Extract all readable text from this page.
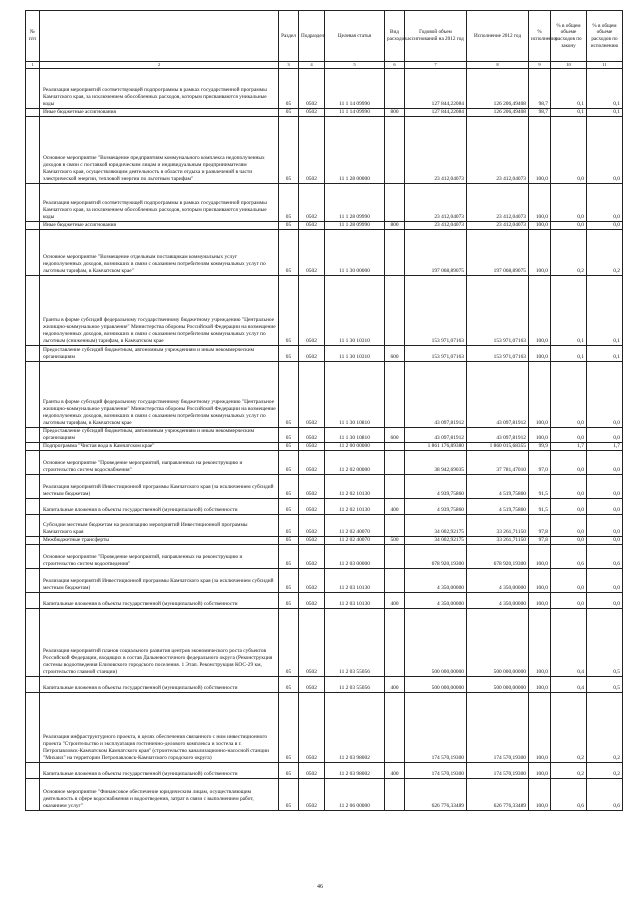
№ п/п		Раздел	Подраздел	Целевая статья	Вид расходов	Годовой объем ассигнований на 2012 год	Исполнение 2012 год	% исполнения	% в общем объеме расходов по закону	% в общем объеме расходов по исполнению
1	2	3	4	5	6	7	8	9	10	11
	Реализация мероприятий соответствующей подпрограммы в рамках государственной программы Камчатского края, за исключением обособленных расходов, которым присваиваются уникальные коды	05	0502	11 1 14 09990		127 844,22084	126 206,49408	98,7	0,1	0,1
	Иные бюджетные ассигнования	05	0502	11 1 14 09990	800	127 844,22084	126 206,49408	98,7	0,1	0,1
	Основное мероприятие "Возмещение предприятиям коммунального комплекса недополученных доходов в связи с поставкой юридическим лицам и индивидуальным предпринимателям Камчатского края, осуществляющим деятельность в области отдыха и развлечений в части электрической энергии, тепловой энергии по льготным тарифам"	05	0502	11 1 28 00000		23 412,04073	23 412,04073	100,0	0,0	0,0
	Реализация мероприятий соответствующей подпрограммы в рамках государственной программы Камчатского края, за исключением обособленных расходов, которым присваиваются уникальные коды	05	0502	11 1 28 09990		23 412,04073	23 412,04073	100,0	0,0	0,0
	Иные бюджетные ассигнования	05	0502	11 1 28 09990	800	23 412,04073	23 412,04073	100,0	0,0	0,0
	Основное мероприятие "Возмещение отдельным поставщикам коммунальных услуг недополученных доходов, возникших в связи с оказанием потребителям коммунальных услуг по льготным тарифам, в Камчатском крае"	05	0502	11 1 30 00000		197 068,89075	197 068,89075	100,0	0,2	0,2
	Гранты в форме субсидий федеральному государственному бюджетному учреждению "Центральное жилищно-коммунальное управление" Министерства обороны Российской Федерации на возмещение недополученных доходов, возникших в связи с оказанием потребителям коммунальных услуг по льготным (сниженным) тарифам, в Камчатском крае	05	0502	11 1 30 10310		153 971,07163	153 971,07163	100,0	0,1	0,1
	Предоставление субсидий бюджетным, автономным учреждениям и иным некоммерческим организациям	05	0502	11 1 30 10310	600	153 971,07163	153 971,07163	100,0	0,1	0,1
	Гранты в форме субсидий федеральному государственному бюджетному учреждению "Центральное жилищно-коммунальное управление" Министерства обороны Российской Федерации на возмещение недополученных доходов, возникших в связи с оказанием потребителям коммунальных услуг по льготным тарифам, в Камчатском крае	05	0502	11 1 30 10810		43 097,81912	43 097,81912	100,0	0,0	0,0
	Предоставление субсидий бюджетным, автономным учреждениям и иным некоммерческим организациям	05	0502	11 1 30 10810	600	43 097,81912	43 097,81912	100,0	0,0	0,0
	Подпрограмма "Чистая вода в Камчатском крае"	05	0502	11 2 00 00000		1 861 176,89380	1 860 015,68355	99,9	1,7	1,7
	Основное мероприятие "Проведение мероприятий, направленных на реконструкцию и строительство систем водоснабжения"	05	0502	11 2 02 00000		38 942,69035	37 781,47010	97,0	0,0	0,0
	Реализация мероприятий Инвестиционной программы Камчатского края (за исключением субсидий местным бюджетам)	05	0502	11 2 02 10130		4 939,75860	4 519,75860	91,5	0,0	0,0
	Капитальные вложения в объекты государственной (муниципальной) собственности	05	0502	11 2 02 10130	400	4 939,75860	4 519,75860	91,5	0,0	0,0
	Субсидии местным бюджетам на реализацию мероприятий Инвестиционной программы Камчатского края	05	0502	11 2 02 40070		34 002,92175	33 261,71150	97,8	0,0	0,0
	Межбюджетные трансферты	05	0502	11 2 02 40070	500	34 002,92175	33 261,71150	97,8	0,0	0,0
	Основное мероприятие "Проведение мероприятий, направленных на реконструкцию и строительство систем водоотведения"	05	0502	11 2 03 00000		678 920,19300	678 920,19300	100,0	0,6	0,6
	Реализация мероприятий Инвестиционной программы Камчатского края (за исключением субсидий местным бюджетам)	05	0502	11 2 03 10130		4 350,00000	4 350,00000	100,0	0,0	0,0
	Капитальные вложения в объекты государственной (муниципальной) собственности	05	0502	11 2 03 10130	400	4 350,00000	4 350,00000	100,0	0,0	0,0
	Реализация мероприятий планов социального развития центров экономического роста субъектов Российской Федерации, входящих в состав Дальневосточного федерального округа (Реконструкция системы водоотведения Елизовского городского поселения. 1 Этап. Реконструкция КОС-29 км, строительство главной станции)	05	0502	11 2 03 55056		500 000,00000	500 000,00000	100,0	0,4	0,5
	Капитальные вложения в объекты государственной (муниципальной) собственности	05	0502	11 2 03 55056	400	500 000,00000	500 000,00000	100,0	0,4	0,5
	Реализация инфраструктурного проекта, в целях обеспечения связанного с ним инвестиционного проекта "Строительство и эксплуатация гостинично-делового комплекса и хостела в г. Петропавловск-Камчатском Камчатского края" (строительство канализационно-насосной станции "Михаил" на территории Петропавловск-Камчатского городского округа)	05	0502	11 2 03 98002		174 570,19300	174 570,19300	100,0	0,2	0,2
	Капитальные вложения в объекты государственной (муниципальной) собственности	05	0502	11 2 03 98002	400	174 570,19300	174 570,19300	100,0	0,2	0,2
	Основное мероприятие "Финансовое обеспечение юридическим лицам, осуществляющим деятельность в сфере водоснабжения и водоотведения, затрат в связи с выполнением работ, оказанием услуг"	05	0502	11 2 06 00000		626 776,33489	626 776,33489	100,0	0,6	0,6
46
